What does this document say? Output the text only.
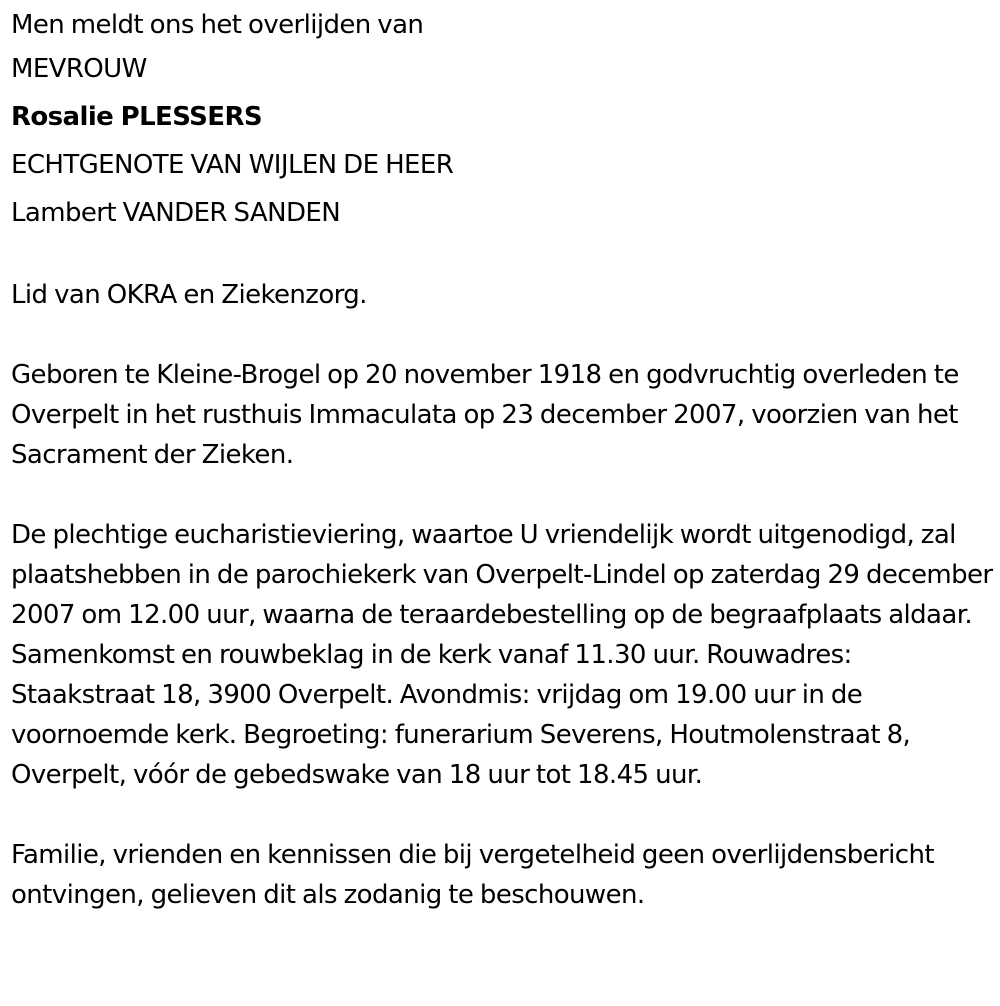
Men meldt ons het overlijden van

MEVROUW

Rosalie PLESSERS

ECHTGENOTE VAN WIJLEN DE HEER

Lambert VANDER SANDEN

Lid van OKRA en Ziekenzorg.

Geboren te Kleine-Brogel op 20 november 1918 en godvruchtig overleden te Overpelt in het rusthuis Immaculata op 23 december 2007, voorzien van het Sacrament der Zieken.

De plechtige eucharistieviering, waartoe U vriendelijk wordt uitgenodigd, zal plaatshebben in de parochiekerk van Overpelt-Lindel op zaterdag 29 december 2007 om 12.00 uur, waarna de teraardebestelling op de begraafplaats aldaar. Samenkomst en rouwbeklag in de kerk vanaf 11.30 uur. Rouwadres: Staakstraat 18, 3900 Overpelt. Avondmis: vrijdag om 19.00 uur in de voornoemde kerk. Begroeting: funerarium Severens, Houtmolenstraat 8, Overpelt, vóór de gebedswake van 18 uur tot 18.45 uur.

Familie, vrienden en kennissen die bij vergetelheid geen overlijdensbericht ontvingen, gelieven dit als zodanig te beschouwen.
